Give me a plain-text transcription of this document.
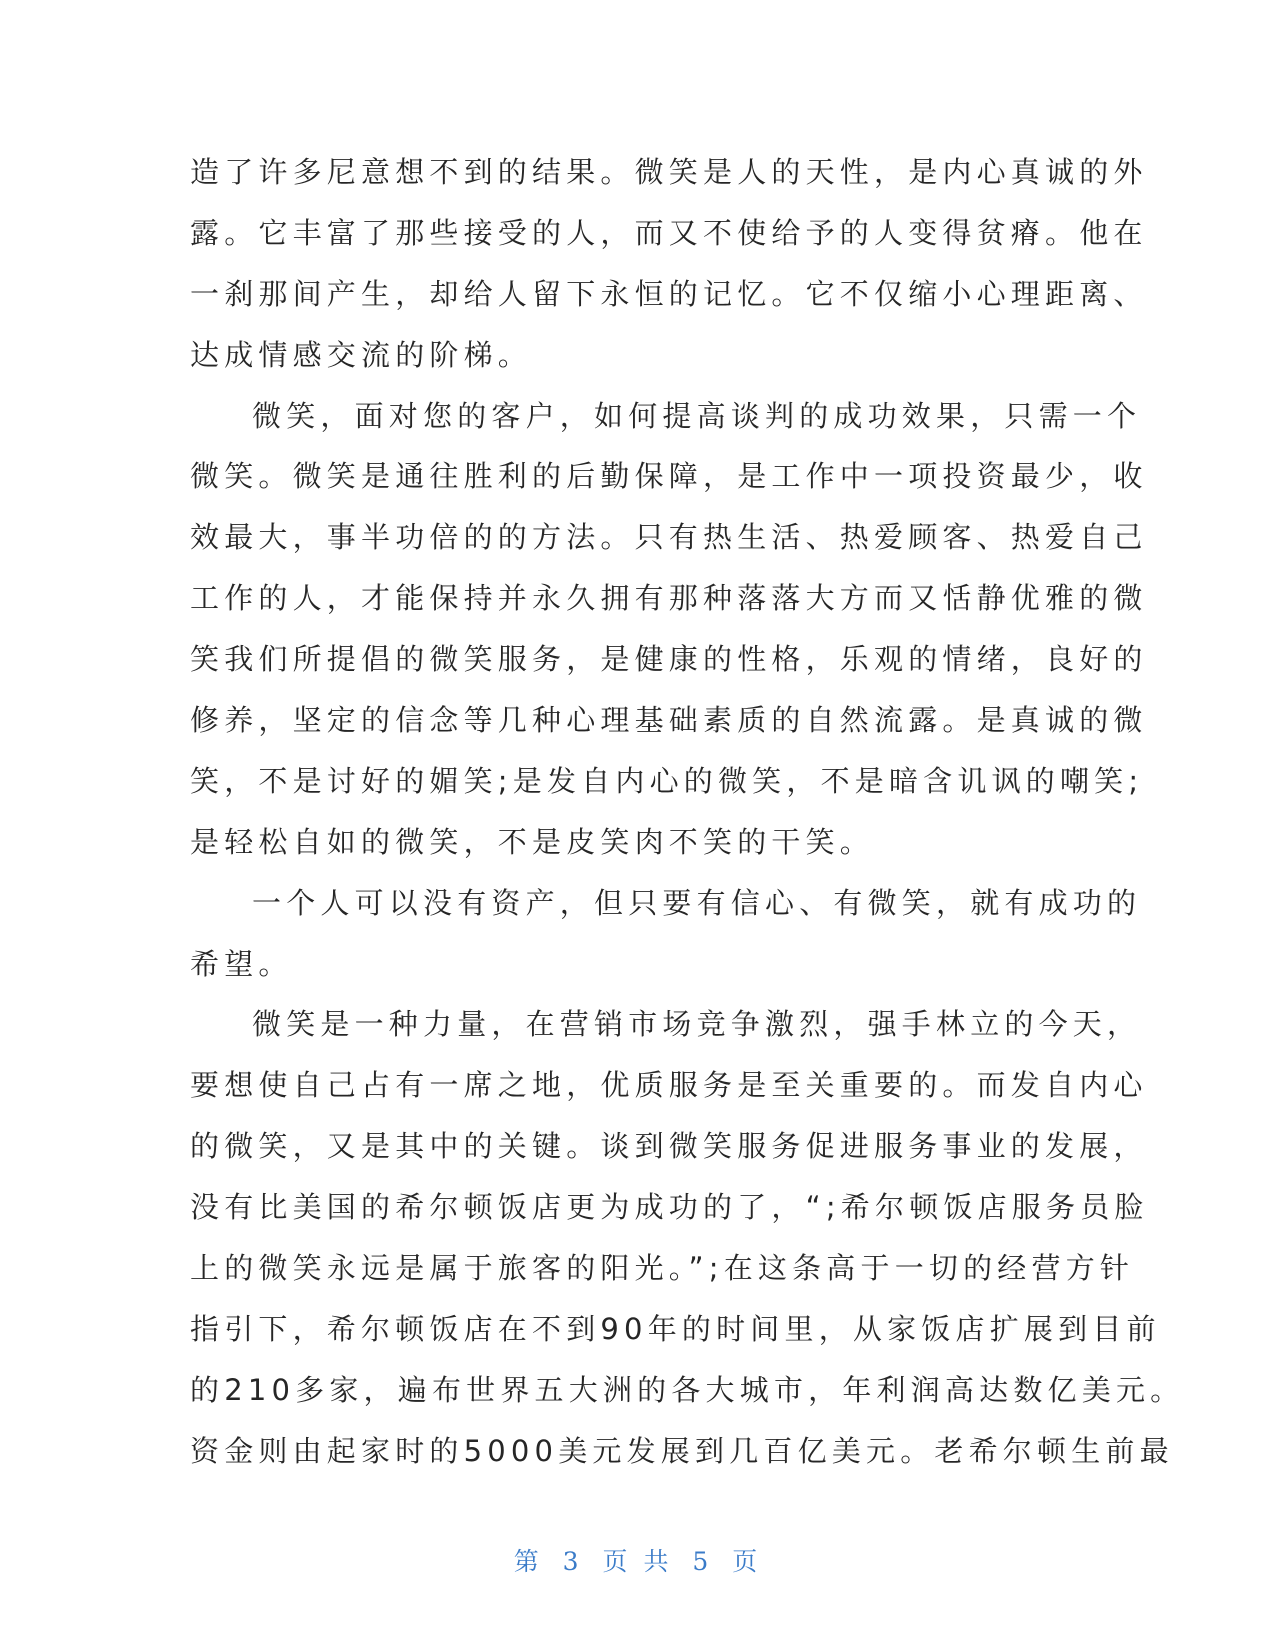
造了许多尼意想不到的结果。微笑是人的天性，是内心真诚的外
露。它丰富了那些接受的人，而又不使给予的人变得贫瘠。他在
一刹那间产生，却给人留下永恒的记忆。它不仅缩小心理距离、
达成情感交流的阶梯。
微笑，面对您的客户，如何提高谈判的成功效果，只需一个
微笑。微笑是通往胜利的后勤保障，是工作中一项投资最少，收
效最大，事半功倍的的方法。只有热生活、热爱顾客、热爱自己
工作的人，才能保持并永久拥有那种落落大方而又恬静优雅的微
笑我们所提倡的微笑服务，是健康的性格，乐观的情绪，良好的
修养，坚定的信念等几种心理基础素质的自然流露。是真诚的微
笑，不是讨好的媚笑;是发自内心的微笑，不是暗含讥讽的嘲笑;
是轻松自如的微笑，不是皮笑肉不笑的干笑。
一个人可以没有资产，但只要有信心、有微笑，就有成功的
希望。
微笑是一种力量，在营销市场竞争激烈，强手林立的今天，
要想使自己占有一席之地，优质服务是至关重要的。而发自内心
的微笑，又是其中的关键。谈到微笑服务促进服务事业的发展，
没有比美国的希尔顿饭店更为成功的了，“;希尔顿饭店服务员脸
上的微笑永远是属于旅客的阳光。”;在这条高于一切的经营方针
指引下，希尔顿饭店在不到90年的时间里，从家饭店扩展到目前
的210多家，遍布世界五大洲的各大城市，年利润高达数亿美元。
资金则由起家时的5000美元发展到几百亿美元。老希尔顿生前最
第 3 页 共 5 页
